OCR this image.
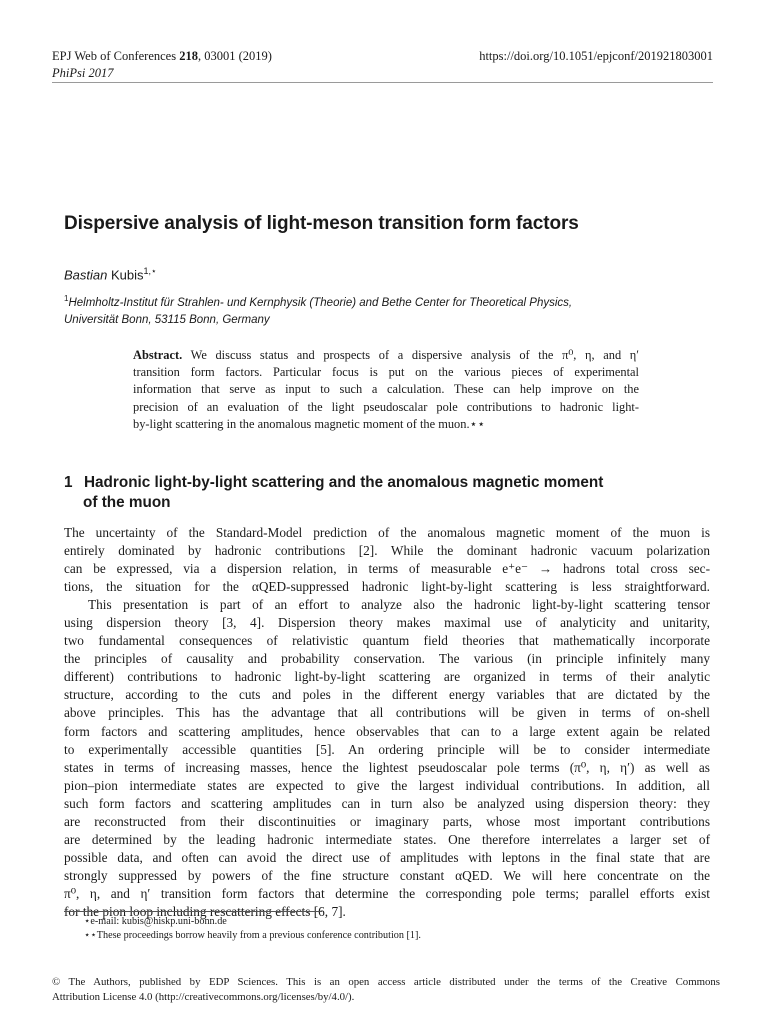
EPJ Web of Conferences 218, 03001 (2019)
PhiPsi 2017
https://doi.org/10.1051/epjconf/201921803001
Dispersive analysis of light-meson transition form factors
Bastian Kubis$^{1,⋆}$
$^1$Helmholtz-Institut für Strahlen- und Kernphysik (Theorie) and Bethe Center for Theoretical Physics,
Universität Bonn, 53115 Bonn, Germany
Abstract. We discuss status and prospects of a dispersive analysis of the π⁰, η, and η′
transition form factors. Particular focus is put on the various pieces of experimental
information that serve as input to such a calculation. These can help improve on the
precision of an evaluation of the light pseudoscalar pole contributions to hadronic light-
by-light scattering in the anomalous magnetic moment of the muon.⋆⋆
1 Hadronic light-by-light scattering and the anomalous magnetic moment
of the muon
The uncertainty of the Standard-Model prediction of the anomalous magnetic moment of the muon is
entirely dominated by hadronic contributions [2]. While the dominant hadronic vacuum polarization
can be expressed, via a dispersion relation, in terms of measurable e⁺e⁻ → hadrons total cross sec-
tions, the situation for the αQED-suppressed hadronic light-by-light scattering is less straightforward.
This presentation is part of an effort to analyze also the hadronic light-by-light scattering tensor
using dispersion theory [3, 4]. Dispersion theory makes maximal use of analyticity and unitarity,
two fundamental consequences of relativistic quantum field theories that mathematically incorporate
the principles of causality and probability conservation. The various (in principle infinitely many
different) contributions to hadronic light-by-light scattering are organized in terms of their analytic
structure, according to the cuts and poles in the different energy variables that are dictated by the
above principles. This has the advantage that all contributions will be given in terms of on-shell
form factors and scattering amplitudes, hence observables that can to a large extent again be related
to experimentally accessible quantities [5]. An ordering principle will be to consider intermediate
states in terms of increasing masses, hence the lightest pseudoscalar pole terms (π⁰, η, η′) as well as
pion–pion intermediate states are expected to give the largest individual contributions. In addition, all
such form factors and scattering amplitudes can in turn also be analyzed using dispersion theory: they
are reconstructed from their discontinuities or imaginary parts, whose most important contributions
are determined by the leading hadronic intermediate states. One therefore interrelates a larger set of
possible data, and often can avoid the direct use of amplitudes with leptons in the final state that are
strongly suppressed by powers of the fine structure constant αQED. We will here concentrate on the
π⁰, η, and η′ transition form factors that determine the corresponding pole terms; parallel efforts exist
for the pion loop including rescattering effects [6, 7].
⋆e-mail: kubis@hiskp.uni-bonn.de
⋆⋆These proceedings borrow heavily from a previous conference contribution [1].
© The Authors, published by EDP Sciences. This is an open access article distributed under the terms of the Creative Commons
Attribution License 4.0 (http://creativecommons.org/licenses/by/4.0/).
